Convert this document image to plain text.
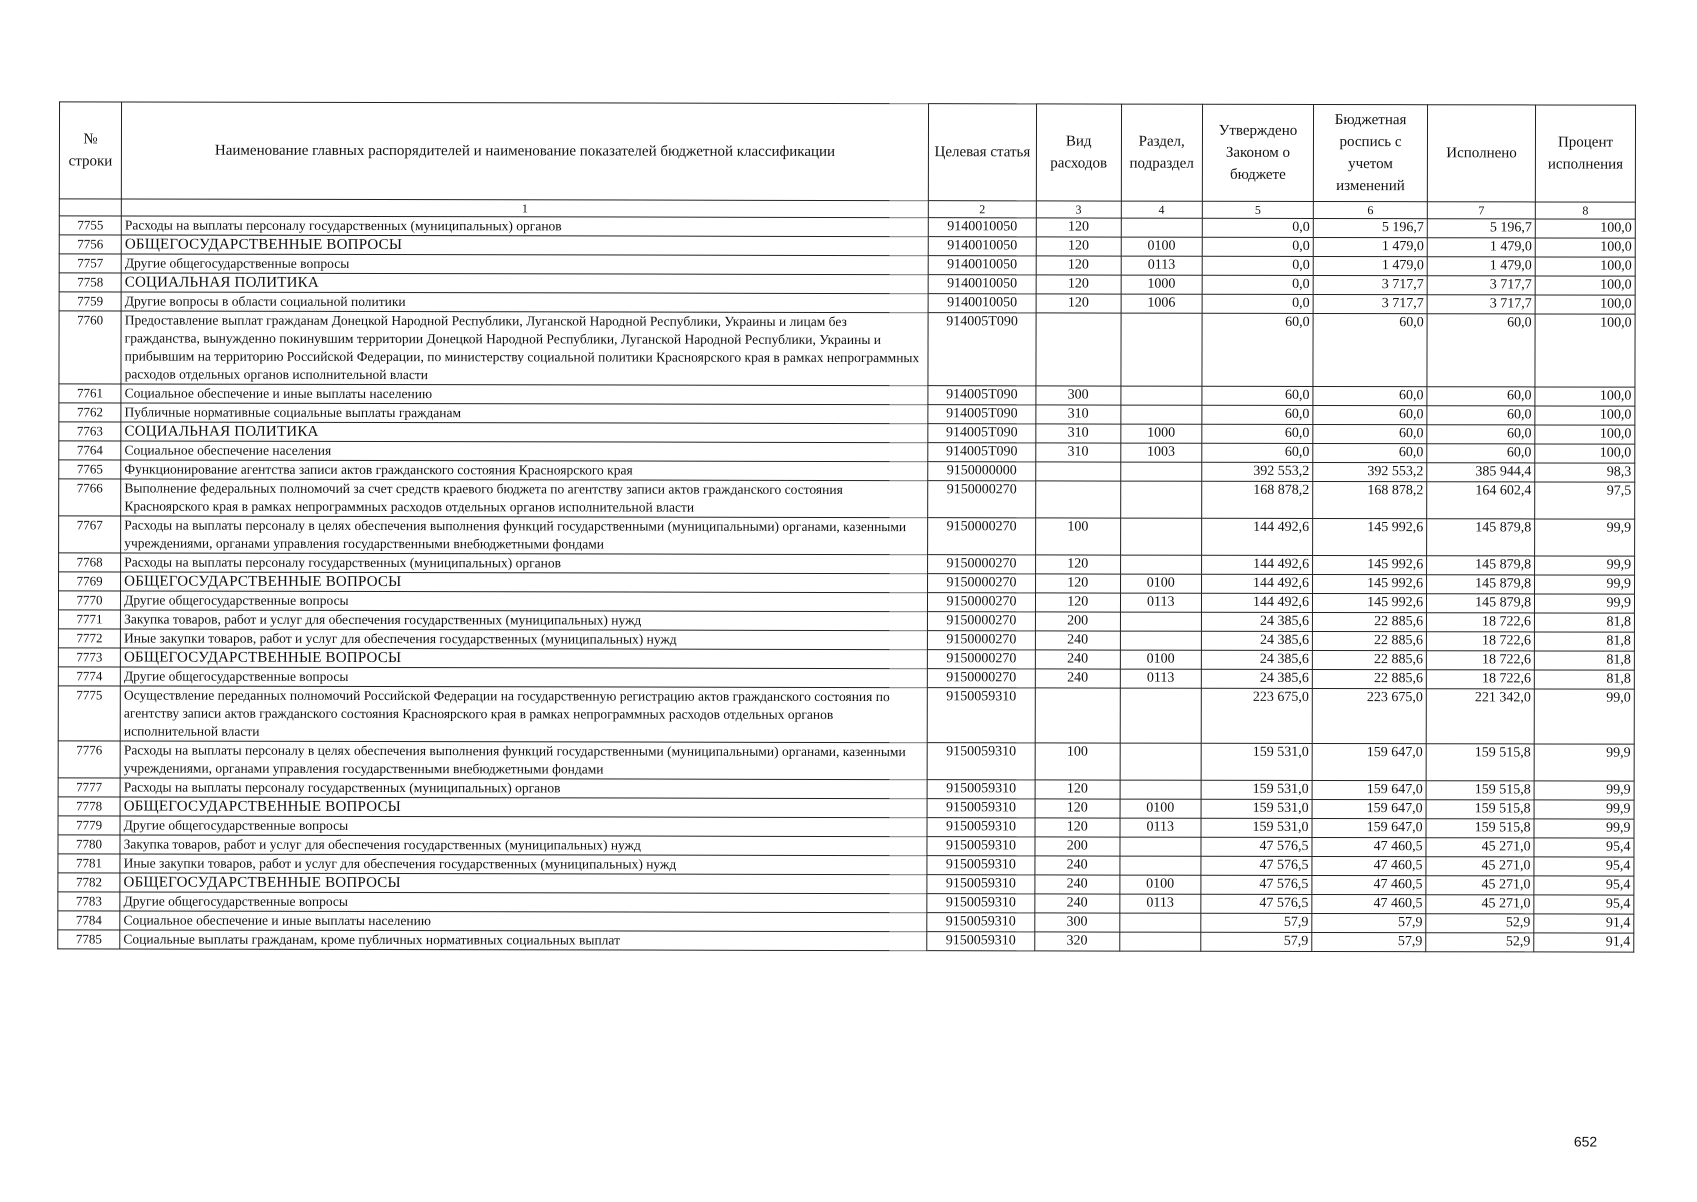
№ строки	Наименование главных распорядителей и наименование показателей бюджетной классификации	Целевая статья	Вид расходов	Раздел, подраздел	Утверждено Законом о бюджете	Бюджетная роспись с учетом изменений	Исполнено	Процент исполнения
	1	2	3	4	5	6	7	8
7755	Расходы на выплаты персоналу государственных (муниципальных) органов	9140010050	120		0,0	5 196,7	5 196,7	100,0
7756	ОБЩЕГОСУДАРСТВЕННЫЕ ВОПРОСЫ	9140010050	120	0100	0,0	1 479,0	1 479,0	100,0
7757	Другие общегосударственные вопросы	9140010050	120	0113	0,0	1 479,0	1 479,0	100,0
7758	СОЦИАЛЬНАЯ ПОЛИТИКА	9140010050	120	1000	0,0	3 717,7	3 717,7	100,0
7759	Другие вопросы в области социальной политики	9140010050	120	1006	0,0	3 717,7	3 717,7	100,0
7760	Предоставление выплат гражданам Донецкой Народной Республики, Луганской Народной Республики, Украины и лицам без гражданства, вынужденно покинувшим территории Донецкой Народной Республики, Луганской Народной Республики, Украины и прибывшим на территорию Российской Федерации, по министерству социальной политики Красноярского края в рамках непрограммных расходов отдельных органов исполнительной власти	914005Т090			60,0	60,0	60,0	100,0
7761	Социальное обеспечение и иные выплаты населению	914005Т090	300		60,0	60,0	60,0	100,0
7762	Публичные нормативные социальные выплаты гражданам	914005Т090	310		60,0	60,0	60,0	100,0
7763	СОЦИАЛЬНАЯ ПОЛИТИКА	914005Т090	310	1000	60,0	60,0	60,0	100,0
7764	Социальное обеспечение населения	914005Т090	310	1003	60,0	60,0	60,0	100,0
7765	Функционирование агентства записи актов гражданского состояния Красноярского края	9150000000			392 553,2	392 553,2	385 944,4	98,3
7766	Выполнение федеральных полномочий за счет средств краевого бюджета по агентству записи актов гражданского состояния Красноярского края в рамках непрограммных расходов отдельных органов исполнительной власти	9150000270			168 878,2	168 878,2	164 602,4	97,5
7767	Расходы на выплаты персоналу в целях обеспечения выполнения функций государственными (муниципальными) органами, казенными учреждениями, органами управления государственными внебюджетными фондами	9150000270	100		144 492,6	145 992,6	145 879,8	99,9
7768	Расходы на выплаты персоналу государственных (муниципальных) органов	9150000270	120		144 492,6	145 992,6	145 879,8	99,9
7769	ОБЩЕГОСУДАРСТВЕННЫЕ ВОПРОСЫ	9150000270	120	0100	144 492,6	145 992,6	145 879,8	99,9
7770	Другие общегосударственные вопросы	9150000270	120	0113	144 492,6	145 992,6	145 879,8	99,9
7771	Закупка товаров, работ и услуг для обеспечения государственных (муниципальных) нужд	9150000270	200		24 385,6	22 885,6	18 722,6	81,8
7772	Иные закупки товаров, работ и услуг для обеспечения государственных (муниципальных) нужд	9150000270	240		24 385,6	22 885,6	18 722,6	81,8
7773	ОБЩЕГОСУДАРСТВЕННЫЕ ВОПРОСЫ	9150000270	240	0100	24 385,6	22 885,6	18 722,6	81,8
7774	Другие общегосударственные вопросы	9150000270	240	0113	24 385,6	22 885,6	18 722,6	81,8
7775	Осуществление переданных полномочий Российской Федерации на государственную регистрацию актов гражданского состояния по агентству записи актов гражданского состояния Красноярского края в рамках непрограммных расходов отдельных органов исполнительной власти	9150059310			223 675,0	223 675,0	221 342,0	99,0
7776	Расходы на выплаты персоналу в целях обеспечения выполнения функций государственными (муниципальными) органами, казенными учреждениями, органами управления государственными внебюджетными фондами	9150059310	100		159 531,0	159 647,0	159 515,8	99,9
7777	Расходы на выплаты персоналу государственных (муниципальных) органов	9150059310	120		159 531,0	159 647,0	159 515,8	99,9
7778	ОБЩЕГОСУДАРСТВЕННЫЕ ВОПРОСЫ	9150059310	120	0100	159 531,0	159 647,0	159 515,8	99,9
7779	Другие общегосударственные вопросы	9150059310	120	0113	159 531,0	159 647,0	159 515,8	99,9
7780	Закупка товаров, работ и услуг для обеспечения государственных (муниципальных) нужд	9150059310	200		47 576,5	47 460,5	45 271,0	95,4
7781	Иные закупки товаров, работ и услуг для обеспечения государственных (муниципальных) нужд	9150059310	240		47 576,5	47 460,5	45 271,0	95,4
7782	ОБЩЕГОСУДАРСТВЕННЫЕ ВОПРОСЫ	9150059310	240	0100	47 576,5	47 460,5	45 271,0	95,4
7783	Другие общегосударственные вопросы	9150059310	240	0113	47 576,5	47 460,5	45 271,0	95,4
7784	Социальное обеспечение и иные выплаты населению	9150059310	300		57,9	57,9	52,9	91,4
7785	Социальные выплаты гражданам, кроме публичных нормативных социальных выплат	9150059310	320		57,9	57,9	52,9	91,4
652
